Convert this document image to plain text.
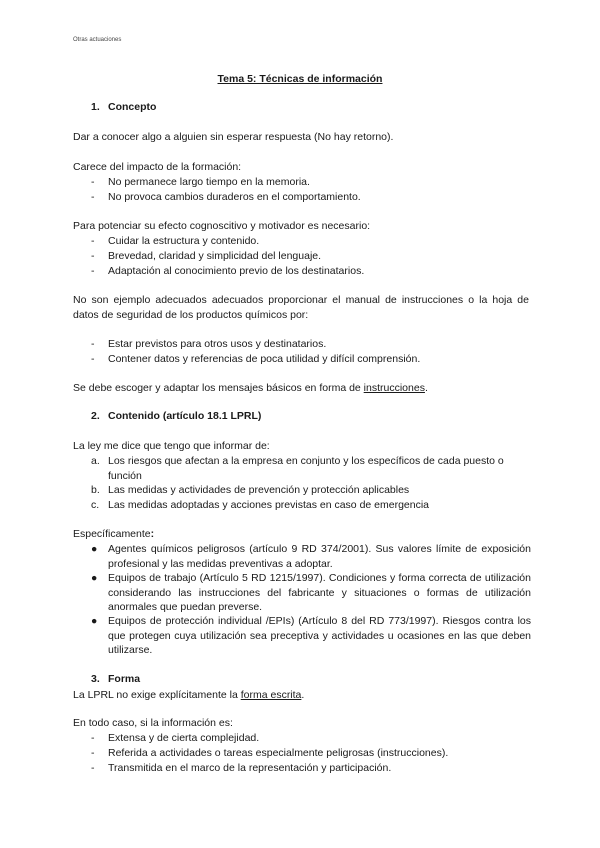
Otras actuaciones
Tema 5: Técnicas de información
1. Concepto
Dar a conocer algo a alguien sin esperar respuesta (No hay retorno).
Carece del impacto de la formación:
- No permanece largo tiempo en la memoria.
- No provoca cambios duraderos en el comportamiento.
Para potenciar su efecto cognoscitivo y motivador es necesario:
- Cuidar la estructura y contenido.
- Brevedad, claridad y simplicidad del lenguaje.
- Adaptación al conocimiento previo de los destinatarios.
No son ejemplo adecuados adecuados proporcionar el manual de instrucciones o la hoja de datos de seguridad de los productos químicos por:
- Estar previstos para otros usos y destinatarios.
- Contener datos y referencias de poca utilidad y difícil comprensión.
Se debe escoger y adaptar los mensajes básicos en forma de instrucciones.
2. Contenido (artículo 18.1 LPRL)
La ley me dice que tengo que informar de:
a. Los riesgos que afectan a la empresa en conjunto y los específicos de cada puesto o función
b. Las medidas y actividades de prevención y protección aplicables
c. Las medidas adoptadas y acciones previstas en caso de emergencia
Específicamente:
● Agentes químicos peligrosos (artículo 9 RD 374/2001). Sus valores límite de exposición profesional y las medidas preventivas a adoptar.
● Equipos de trabajo (Artículo 5 RD 1215/1997). Condiciones y forma correcta de utilización considerando las instrucciones del fabricante y situaciones o formas de utilización anormales que puedan preverse.
● Equipos de protección individual /EPIs) (Artículo 8 del RD 773/1997). Riesgos contra los que protegen cuya utilización sea preceptiva y actividades u ocasiones en las que deben utilizarse.
3. Forma
La LPRL no exige explícitamente la forma escrita.
En todo caso, si la información es:
- Extensa y de cierta complejidad.
- Referida a actividades o tareas especialmente peligrosas (instrucciones).
- Transmitida en el marco de la representación y participación.
